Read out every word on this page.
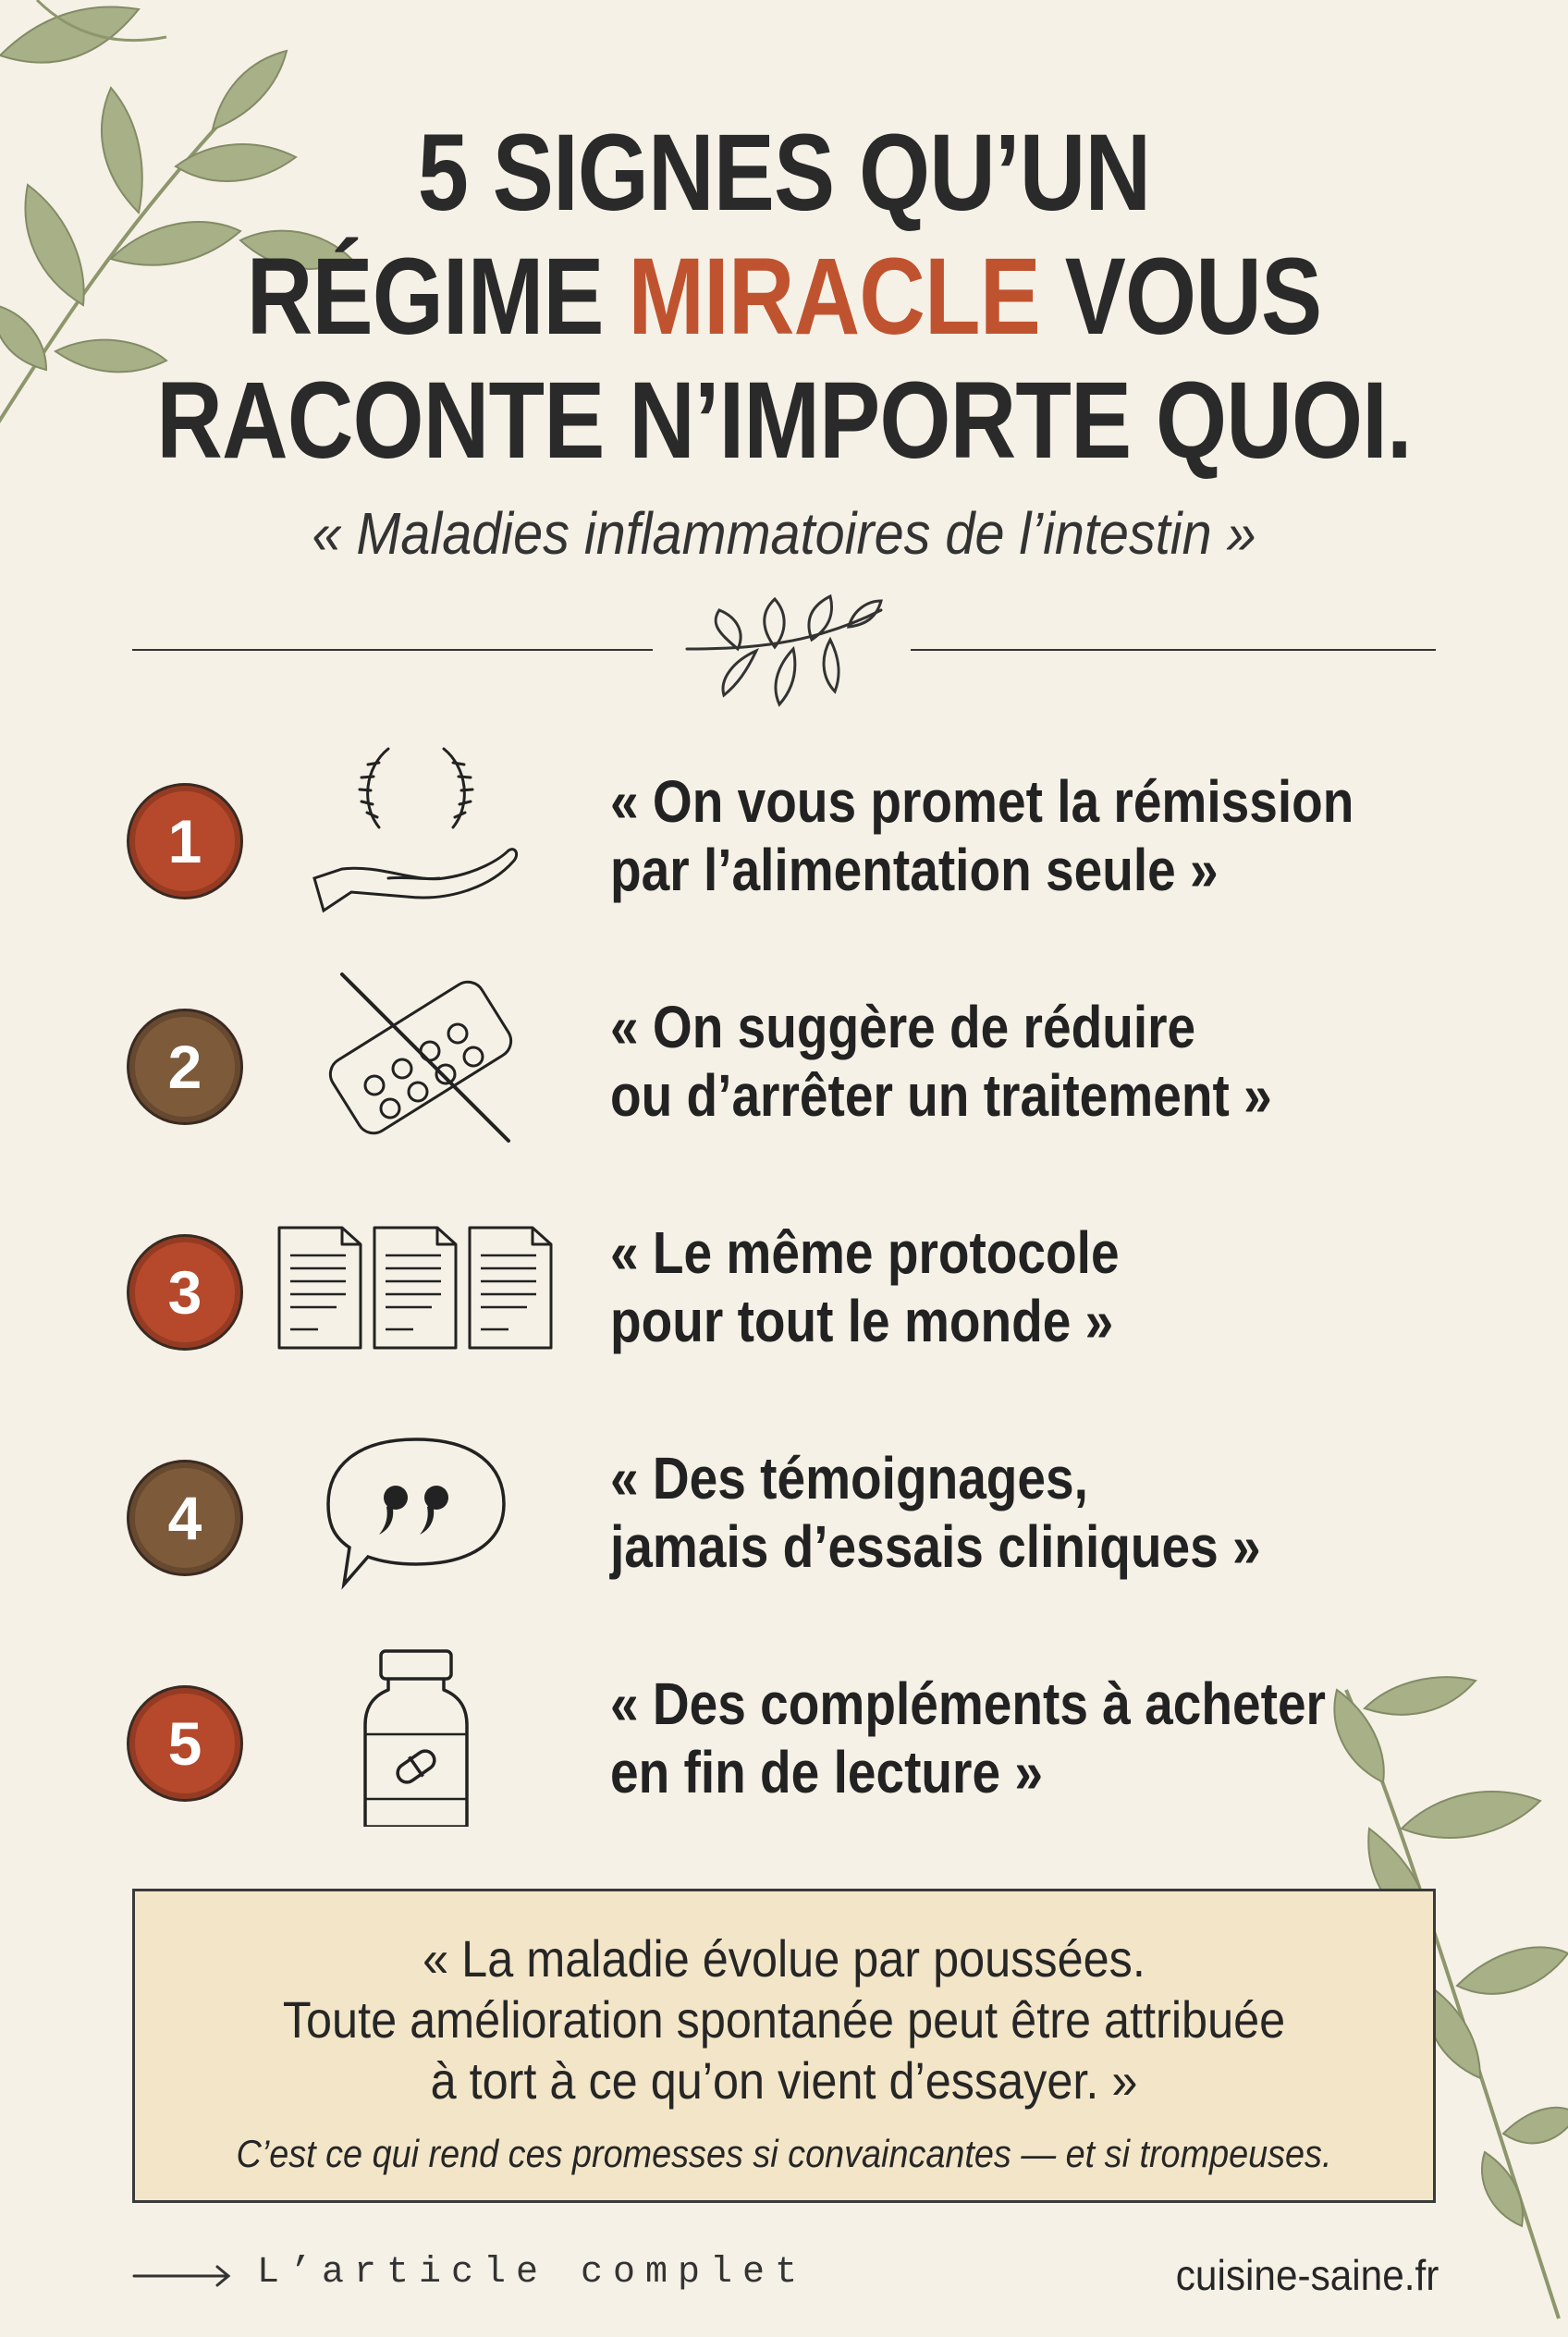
5 SIGNES QU’UN
RÉGIME MIRACLE VOUS
RACONTE N’IMPORTE QUOI.
« Maladies inflammatoires de l’intestin »
1
« On vous promet la rémission
par l’alimentation seule »
2
« On suggère de réduire
ou d’arrêter un traitement »
3
« Le même protocole
pour tout le monde »
4
« Des témoignages,
jamais d’essais cliniques »
5
« Des compléments à acheter
en fin de lecture »
« La maladie évolue par poussées.
Toute amélioration spontanée peut être attribuée
à tort à ce qu’on vient d’essayer. »
C’est ce qui rend ces promesses si convaincantes — et si trompeuses.
L’article complet	cuisine-saine.fr
